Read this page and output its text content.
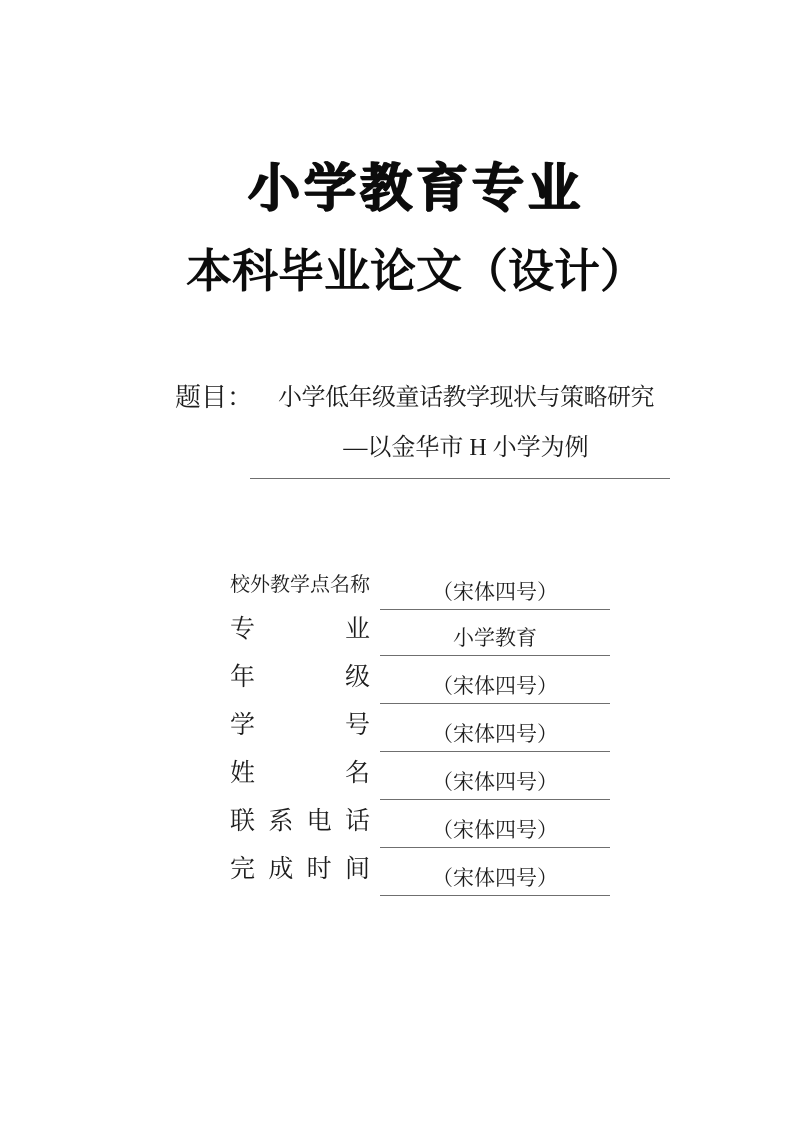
小学教育专业
本科毕业论文（设计）
题目： 小学低年级童话教学现状与策略研究
—以金华市 H 小学为例
校外教学点名称	（宋体四号）
专业	小学教育
年级	（宋体四号）
学号	（宋体四号）
姓名	（宋体四号）
联系电话	（宋体四号）
完成时间	（宋体四号）
